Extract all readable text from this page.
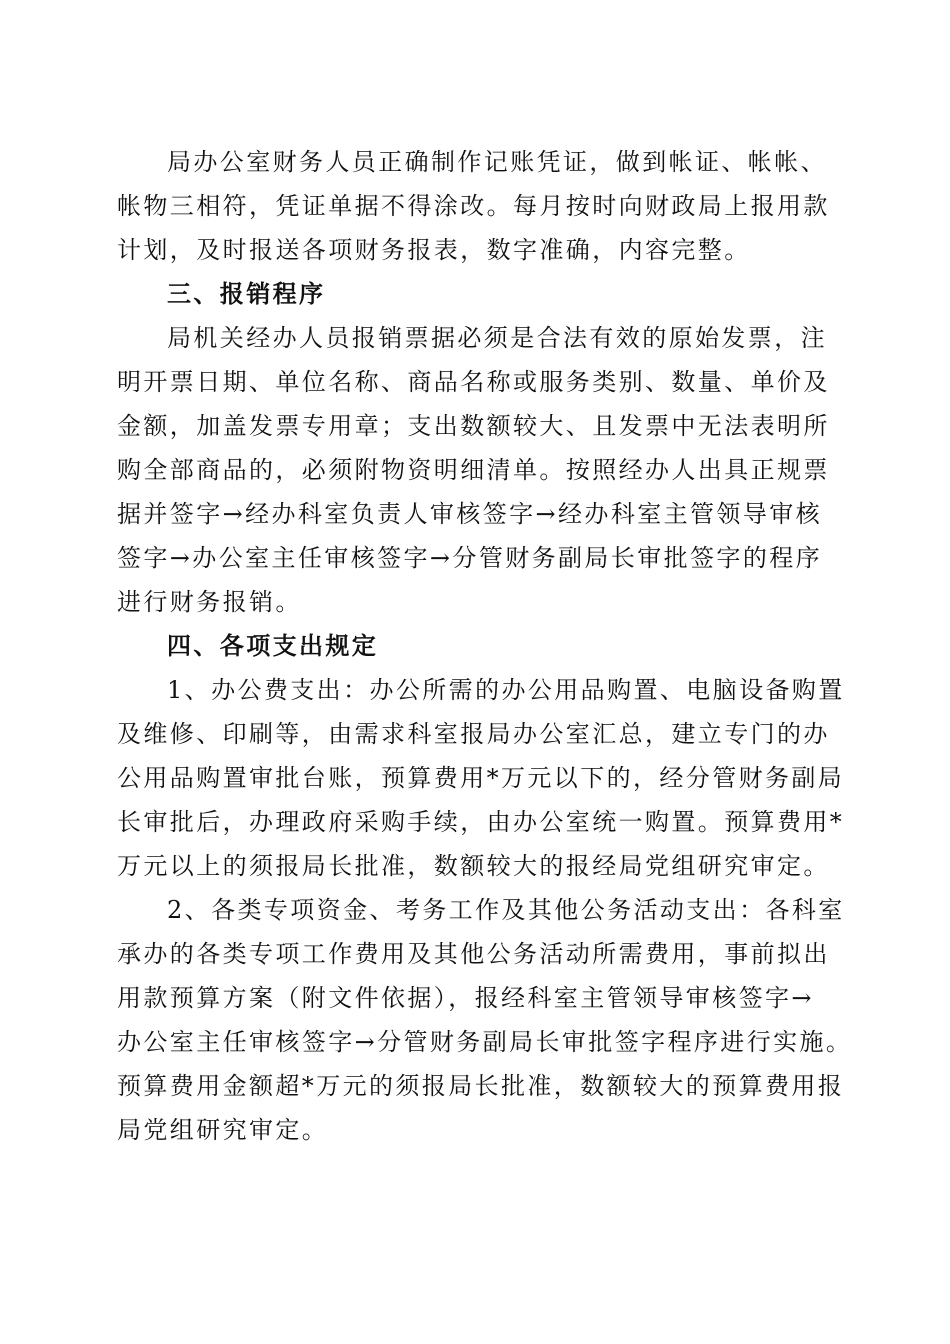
局办公室财务人员正确制作记账凭证，做到帐证、帐帐、
帐物三相符，凭证单据不得涂改。每月按时向财政局上报用款
计划，及时报送各项财务报表，数字准确，内容完整。
三、报销程序
局机关经办人员报销票据必须是合法有效的原始发票，注
明开票日期、单位名称、商品名称或服务类别、数量、单价及
金额，加盖发票专用章；支出数额较大、且发票中无法表明所
购全部商品的，必须附物资明细清单。按照经办人出具正规票
据并签字→经办科室负责人审核签字→经办科室主管领导审核
签字→办公室主任审核签字→分管财务副局长审批签字的程序
进行财务报销。
四、各项支出规定
1、办公费支出：办公所需的办公用品购置、电脑设备购置
及维修、印刷等，由需求科室报局办公室汇总，建立专门的办
公用品购置审批台账，预算费用*万元以下的，经分管财务副局
长审批后，办理政府采购手续，由办公室统一购置。预算费用*
万元以上的须报局长批准，数额较大的报经局党组研究审定。
2、各类专项资金、考务工作及其他公务活动支出：各科室
承办的各类专项工作费用及其他公务活动所需费用，事前拟出
用款预算方案（附文件依据），报经科室主管领导审核签字→
办公室主任审核签字→分管财务副局长审批签字程序进行实施。
预算费用金额超*万元的须报局长批准，数额较大的预算费用报
局党组研究审定。
